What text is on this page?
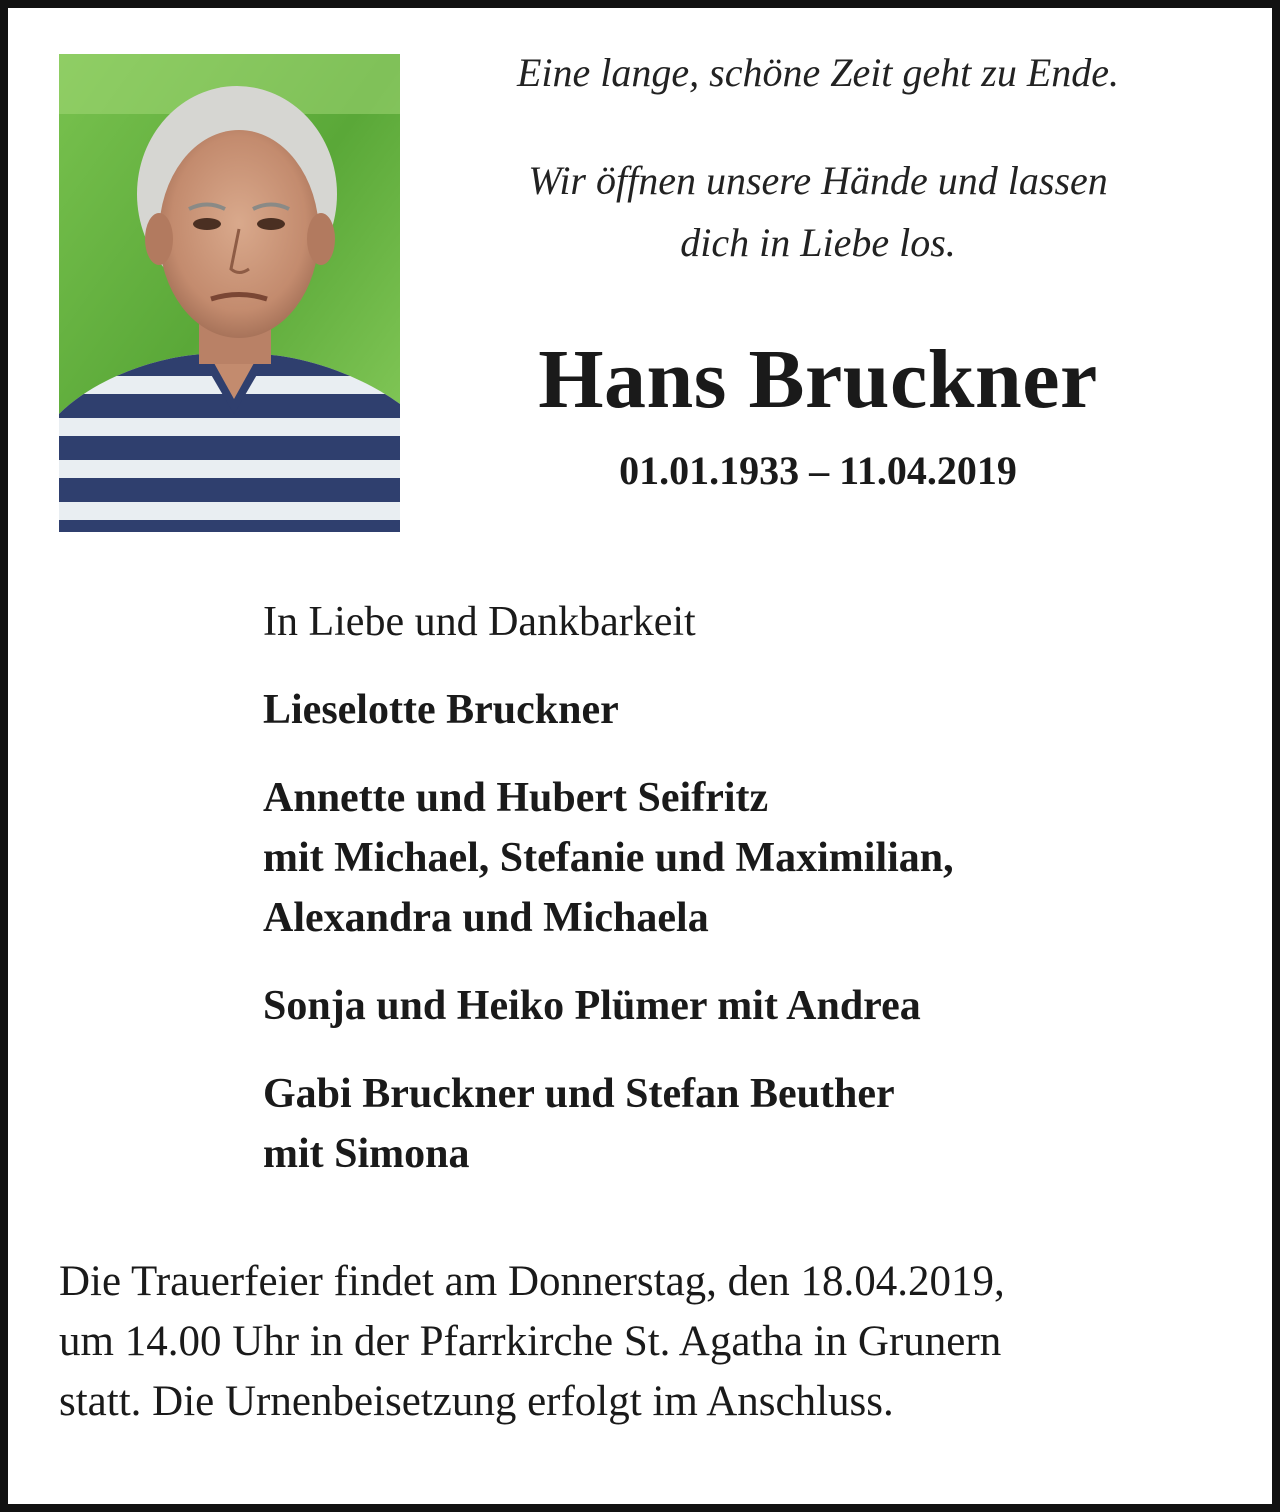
Eine lange, schöne Zeit geht zu Ende.
Wir öffnen unsere Hände und lassen
dich in Liebe los.
Hans Bruckner
01.01.1933 – 11.04.2019
In Liebe und Dankbarkeit
Lieselotte Bruckner
Annette und Hubert Seifritz
mit Michael, Stefanie und Maximilian,
Alexandra und Michaela
Sonja und Heiko Plümer mit Andrea
Gabi Bruckner und Stefan Beuther
mit Simona
Die Trauerfeier findet am Donnerstag, den 18.04.2019,
um 14.00 Uhr in der Pfarrkirche St. Agatha in Grunern
statt. Die Urnenbeisetzung erfolgt im Anschluss.
